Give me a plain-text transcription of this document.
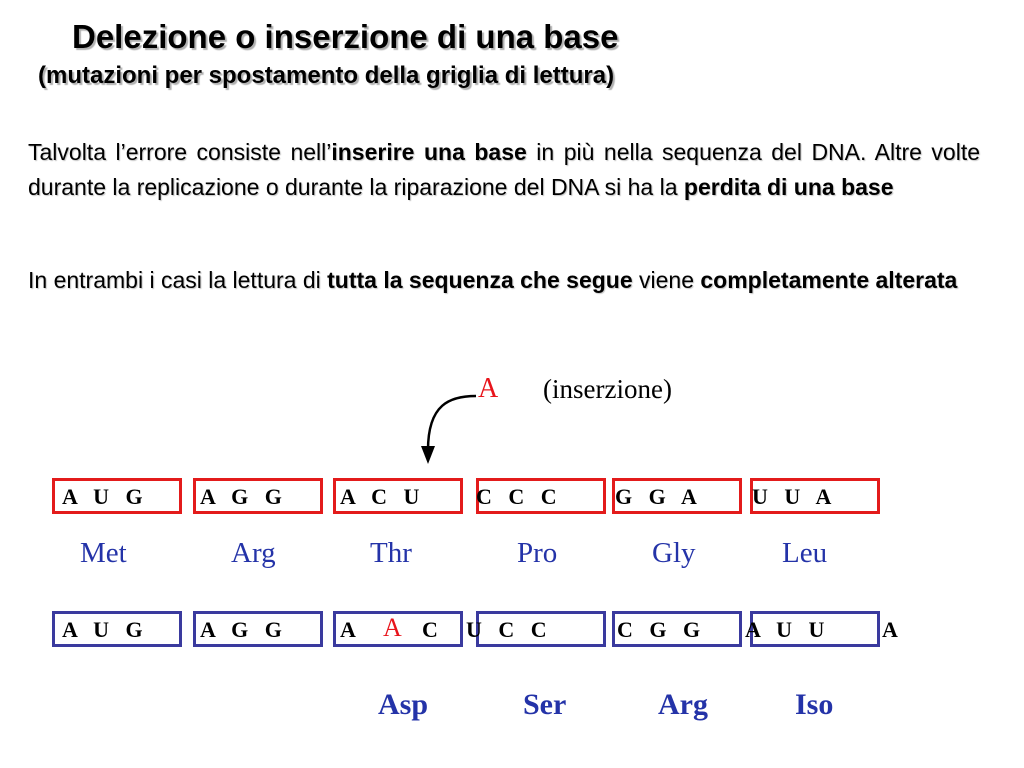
Delezione o inserzione di una base
(mutazioni per spostamento della griglia di lettura)
Talvolta l’errore consiste nell’inserire una base in più nella sequenza del DNA. Altre volte durante la replicazione o durante la riparazione del DNA si ha la perdita di una base
In entrambi i casi la lettura di tutta la sequenza che segue viene completamente alterata
A (inserzione)
A   U   G	A   G   G	A   C   U	C   C   C	G   G   A	U   U   A
Met	Arg	Thr	Pro	Gly	Leu
A   U   G	A   G   G	A A C U   C   C	C   G   G A   U   U	A
Asp	Ser	Arg	Iso
